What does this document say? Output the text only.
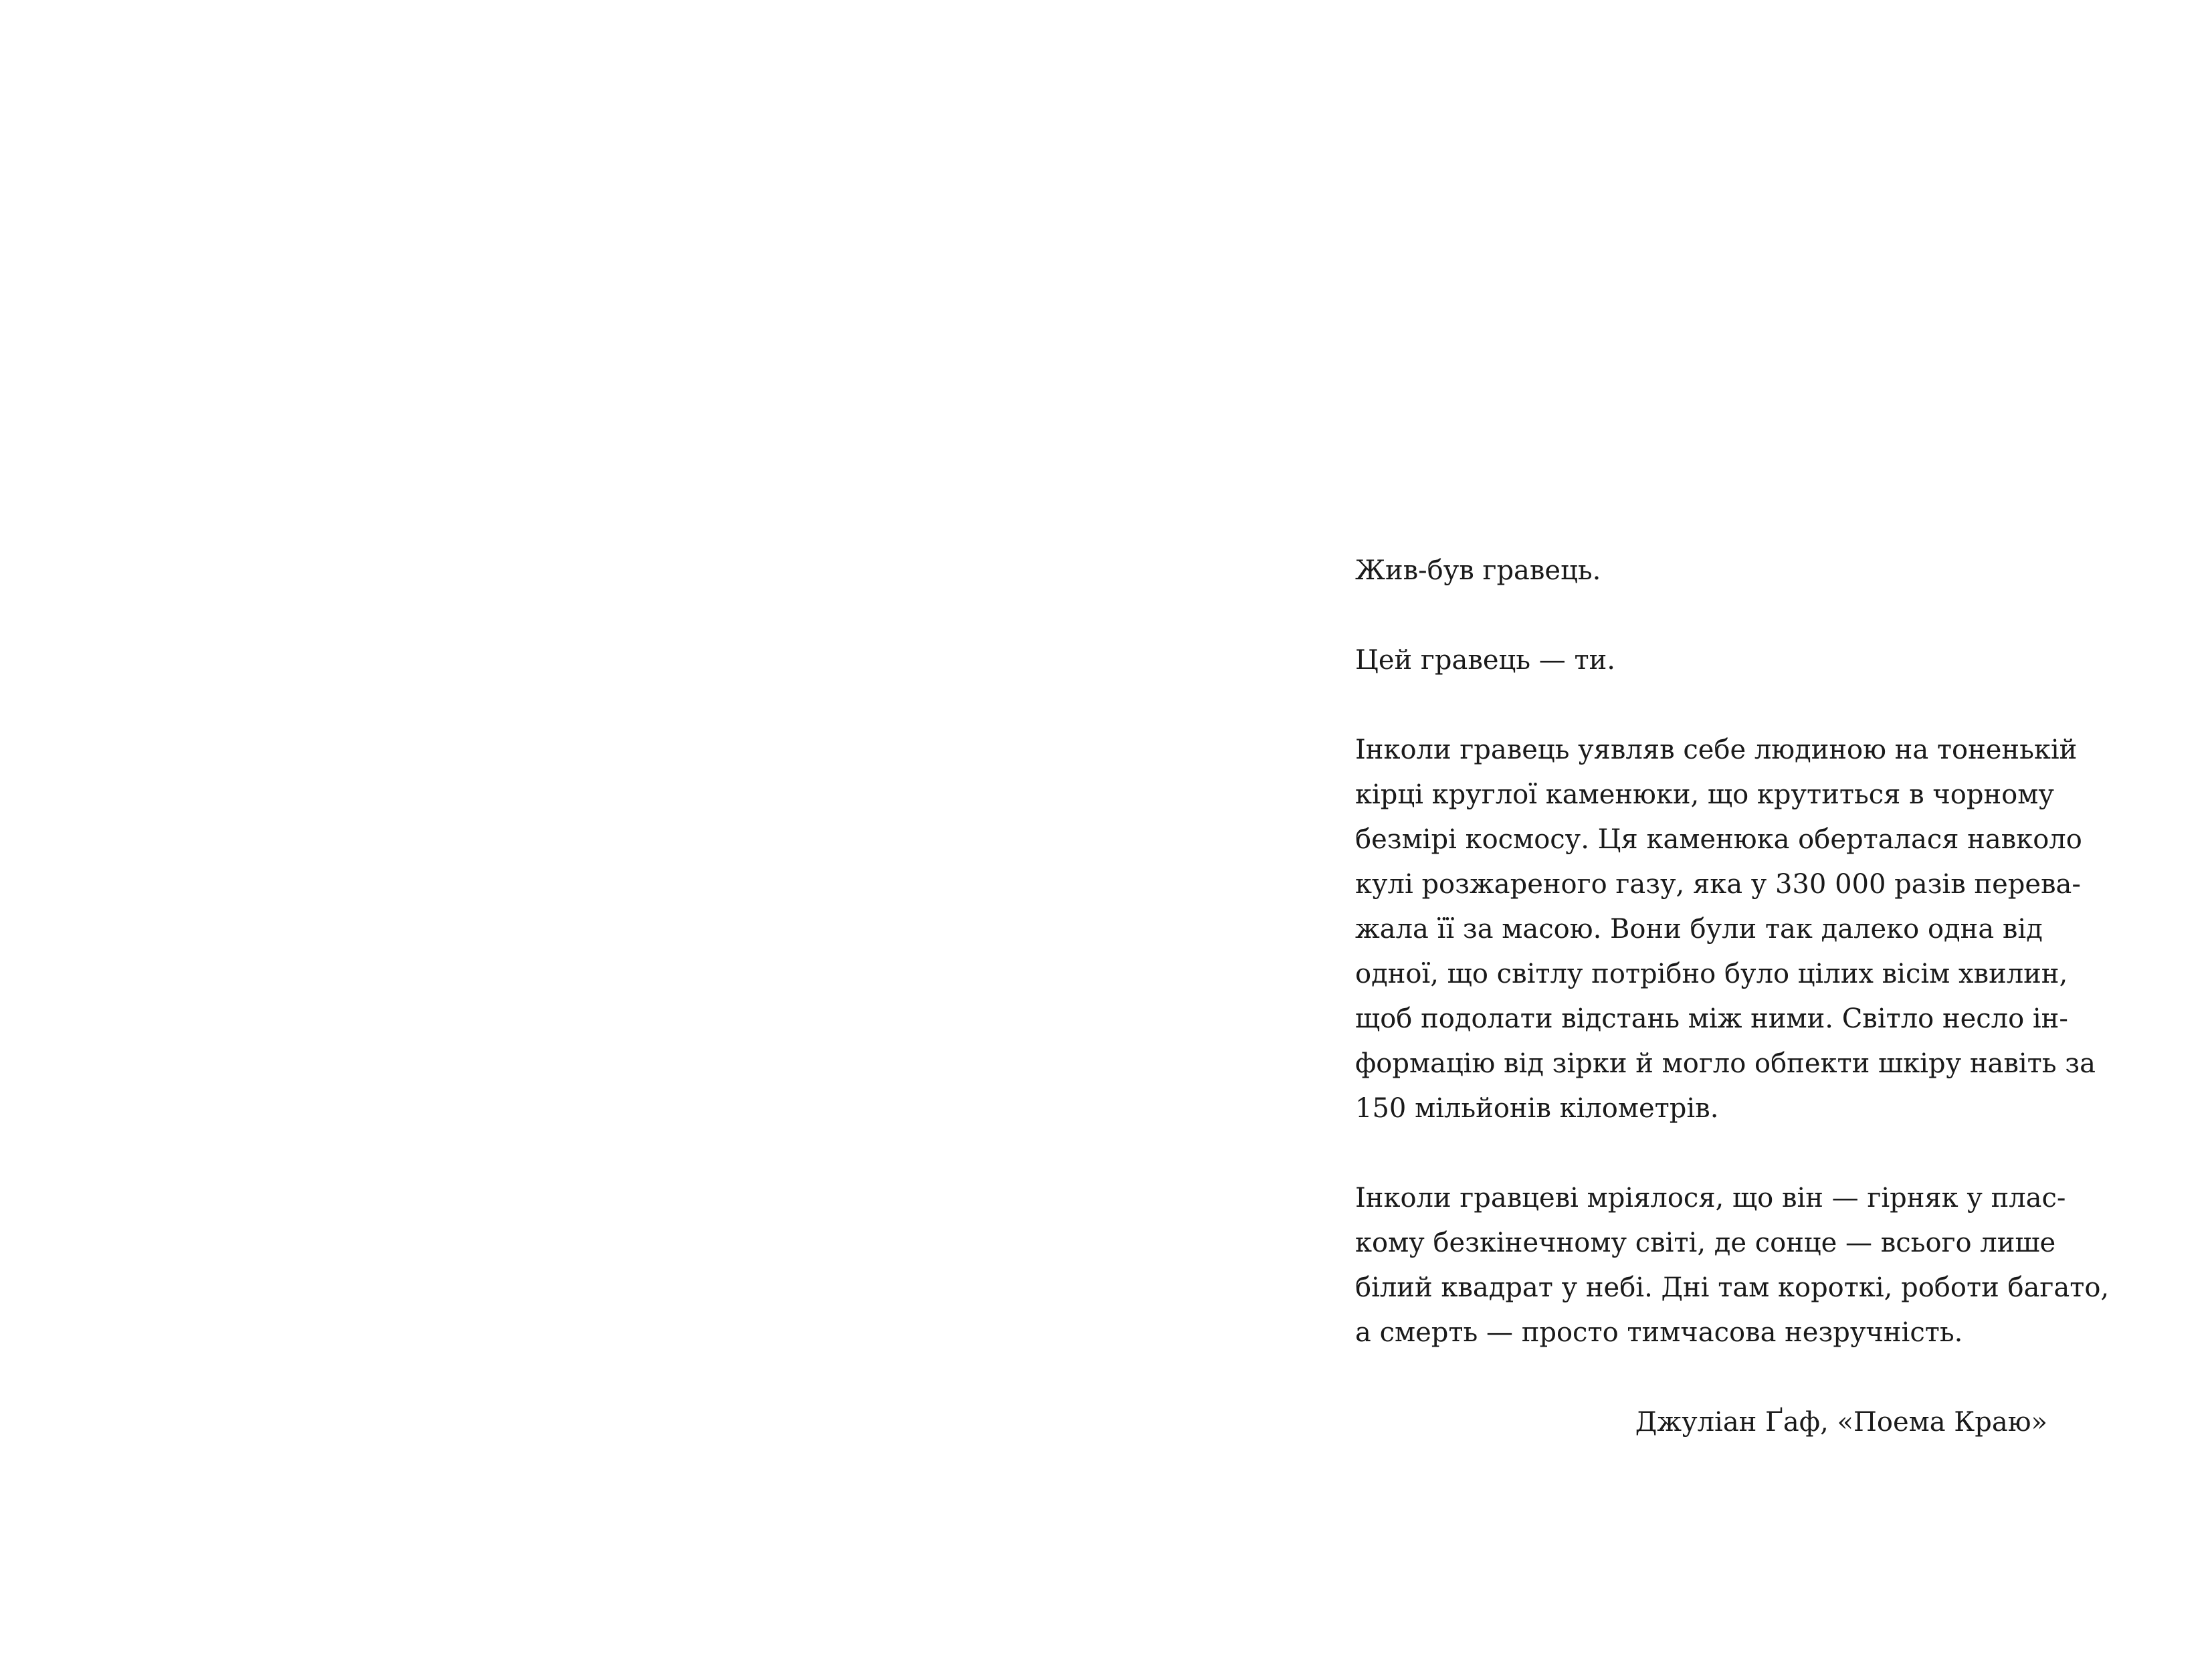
Жив-був гравець.

Цей гравець — ти.

Інколи гравець уявляв себе людиною на тоненькій
кірці круглої каменюки, що крутиться в чорному
безмірі космосу. Ця каменюка оберталася навколо
кулі розжареного газу, яка у 330 000 разів перева-
жала її за масою. Вони були так далеко одна від
одної, що світлу потрібно було цілих вісім хвилин,
щоб подолати відстань між ними. Світло несло ін-
формацію від зірки й могло обпекти шкіру навіть за
150 мільйонів кілометрів.

Інколи гравцеві мріялося, що він — гірняк у плас-
кому безкінечному світі, де сонце — всього лише
білий квадрат у небі. Дні там короткі, роботи багато,
а смерть — просто тимчасова незручність.

Джуліан Ґаф, «Поема Краю»
